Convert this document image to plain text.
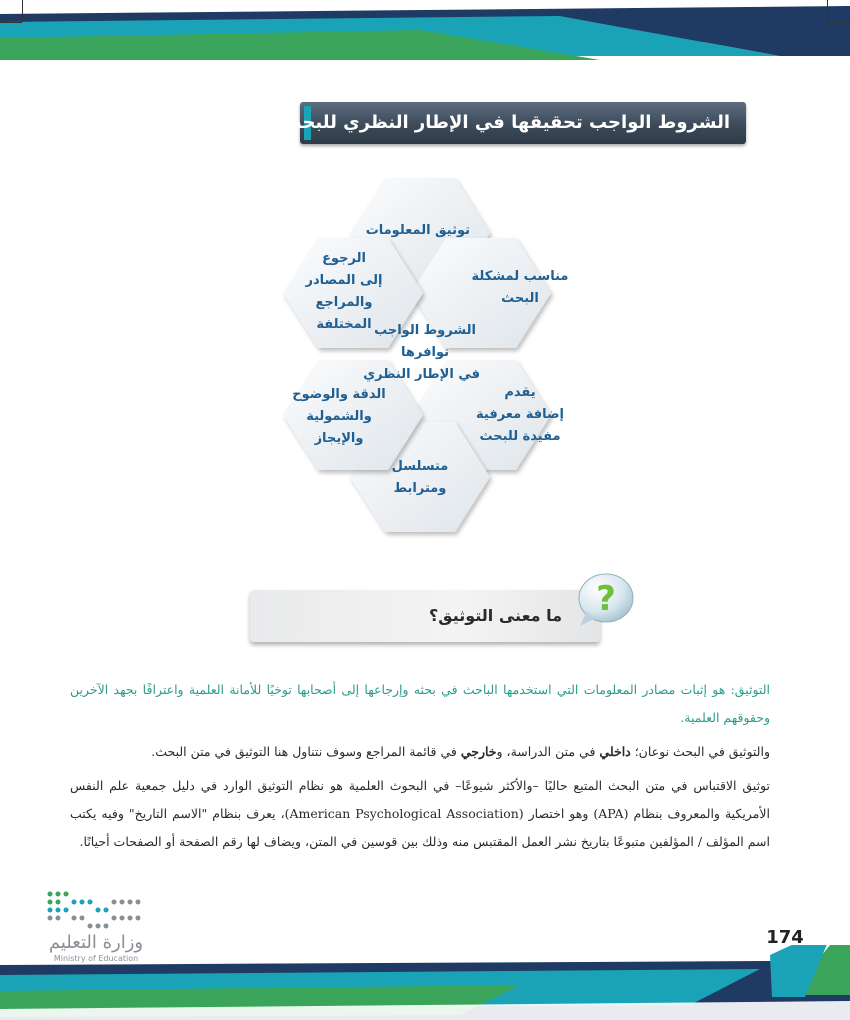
الشروط الواجب تحقيقها في الإطار النظري للبحث:
توثيق المعلومات
مناسب لمشكلة
البحث
يقدم
إضافة معرفية
مفيدة للبحث
متسلسل
ومترابط
الدقة والوضوح
والشمولية
والإيجاز
الرجوع
إلى المصادر
والمراجع
المختلفة الشروط الواجب
توافرها
في الإطار النظري
ما معنى التوثيق؟ ?

التوثيق: هو إثبات مصادر المعلومات التي استخدمها الباحث في بحثه وإرجاعها إلى أصحابها توخيًا للأمانة العلمية واعترافًا بجهد الآخرين وحقوقهم العلمية.

والتوثيق في البحث نوعان؛ داخلي في متن الدراسة، وخارجي في قائمة المراجع وسوف نتناول هنا التوثيق في متن البحث.

توثيق الاقتباس في متن البحث المتبع حاليًا –والأكثر شيوعًا– في البحوث العلمية هو نظام التوثيق الوارد في دليل جمعية علم النفس الأمريكية والمعروف بنظام (APA) وهو اختصار (American Psychological Association)، يعرف بنظام "الاسم التاريخ" وفيه يكتب اسم المؤلف / المؤلفين متبوعًا بتاريخ نشر العمل المقتبس منه وذلك بين قوسين في المتن، ويضاف لها رقم الصفحة أو الصفحات أحيانًا.

وزارة التعليم
Ministry of Education
174
